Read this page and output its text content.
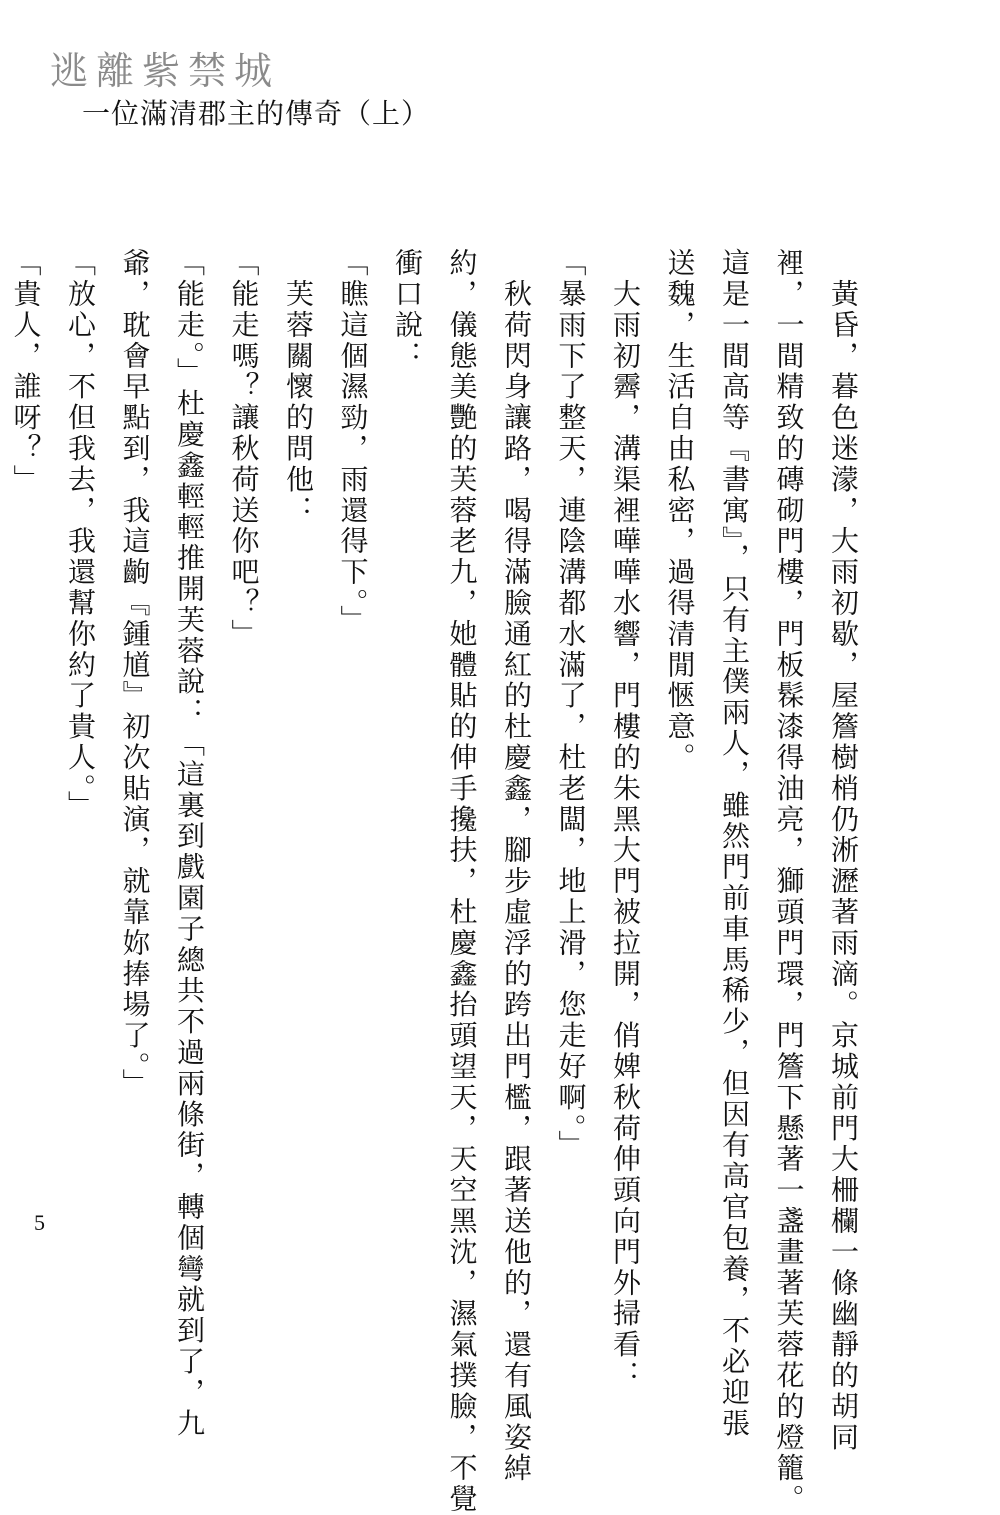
逃離紫禁城
一位滿清郡主的傳奇（上）

　黃昏，暮色迷濛，大雨初歇，屋簷樹梢仍淅瀝著雨滴。京城前門大柵欄一條幽靜的胡同

裡，一間精致的磚砌門樓，門板髹漆得油亮，獅頭門環，門簷下懸著一盞畫著芙蓉花的燈籠。

這是一間高等『書寓』，只有主僕兩人，雖然門前車馬稀少，但因有高官包養，不必迎張

送魏，生活自由私密，過得清閒愜意。

　大雨初霽，溝渠裡嘩嘩水響，門樓的朱黑大門被拉開，俏婢秋荷伸頭向門外掃看：

「暴雨下了整天，連陰溝都水滿了，杜老闆，地上滑，您走好啊。」

　秋荷閃身讓路，喝得滿臉通紅的杜慶鑫，腳步虛浮的跨出門檻，跟著送他的，還有風姿綽

約，儀態美艷的芙蓉老九，她體貼的伸手攙扶，杜慶鑫抬頭望天，天空黑沈，濕氣撲臉，不覺

衝口說：

「瞧這個濕勁，雨還得下。」

　芙蓉關懷的問他：

「能走嗎？讓秋荷送你吧？」

「能走。」杜慶鑫輕輕推開芙蓉說：「這裏到戲園子總共不過兩條街，轉個彎就到了，九

爺，耽會早點到，我這齣『鍾馗』初次貼演，就靠妳捧場了。」

「放心，不但我去，我還幫你約了貴人。」

「貴人，誰呀？」

5
